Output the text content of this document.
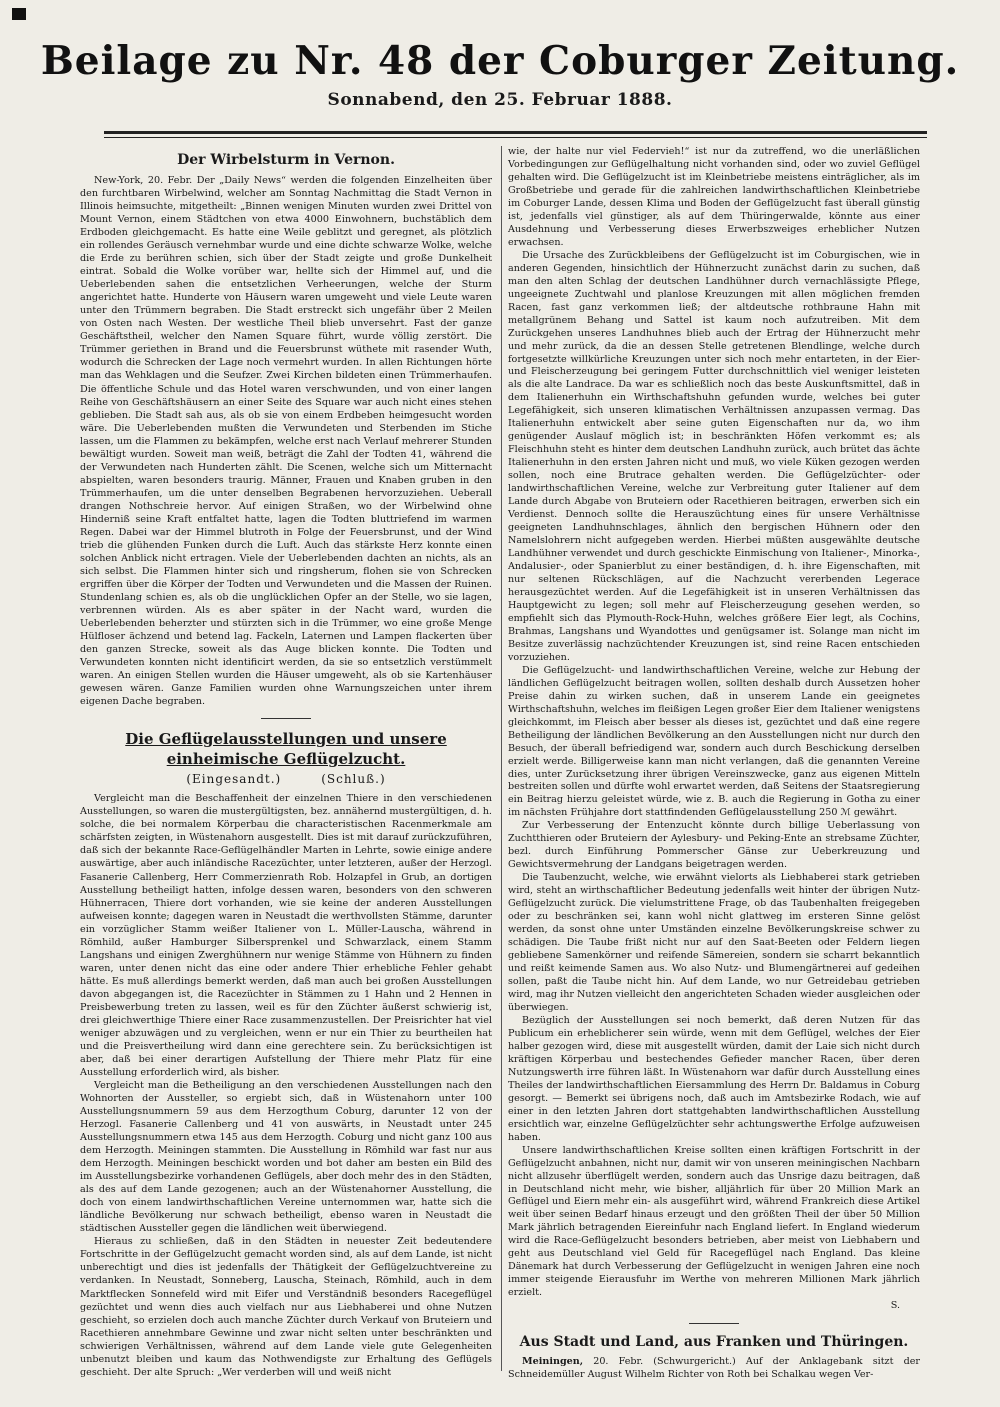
Beilage zu Nr. 48 der Coburger Zeitung.
Sonnabend, den 25. Februar 1888.
Der Wirbelsturm in Vernon.

New-York, 20. Febr. Der „Daily News“ werden die folgenden Einzelheiten über den furchtbaren Wirbelwind, welcher am Sonntag Nachmittag die Stadt Vernon in Illinois heimsuchte, mitgetheilt: „Binnen wenigen Minuten wurden zwei Drittel von Mount Vernon, einem Städtchen von etwa 4000 Einwohnern, buchstäblich dem Erdboden gleichgemacht. Es hatte eine Weile geblitzt und geregnet, als plötzlich ein rollendes Geräusch vernehmbar wurde und eine dichte schwarze Wolke, welche die Erde zu berühren schien, sich über der Stadt zeigte und große Dunkelheit eintrat. Sobald die Wolke vorüber war, hellte sich der Himmel auf, und die Ueberlebenden sahen die entsetzlichen Verheerungen, welche der Sturm angerichtet hatte. Hunderte von Häusern waren umgeweht und viele Leute waren unter den Trümmern begraben. Die Stadt erstreckt sich ungefähr über 2 Meilen von Osten nach Westen. Der westliche Theil blieb unversehrt. Fast der ganze Geschäftstheil, welcher den Namen Square führt, wurde völlig zerstört. Die Trümmer geriethen in Brand und die Feuersbrunst wüthete mit rasender Wuth, wodurch die Schrecken der Lage noch vermehrt wurden. In allen Richtungen hörte man das Wehklagen und die Seufzer. Zwei Kirchen bildeten einen Trümmerhaufen. Die öffentliche Schule und das Hotel waren verschwunden, und von einer langen Reihe von Geschäftshäusern an einer Seite des Square war auch nicht eines stehen geblieben. Die Stadt sah aus, als ob sie von einem Erdbeben heimgesucht worden wäre. Die Ueberlebenden mußten die Verwundeten und Sterbenden im Stiche lassen, um die Flammen zu bekämpfen, welche erst nach Verlauf mehrerer Stunden bewältigt wurden. Soweit man weiß, beträgt die Zahl der Todten 41, während die der Verwundeten nach Hunderten zählt. Die Scenen, welche sich um Mitternacht abspielten, waren besonders traurig. Männer, Frauen und Knaben gruben in den Trümmerhaufen, um die unter denselben Begrabenen hervorzuziehen. Ueberall drangen Nothschreie hervor. Auf einigen Straßen, wo der Wirbelwind ohne Hinderniß seine Kraft entfaltet hatte, lagen die Todten bluttriefend im warmen Regen. Dabei war der Himmel blutroth in Folge der Feuersbrunst, und der Wind trieb die glühenden Funken durch die Luft. Auch das stärkste Herz konnte einen solchen Anblick nicht ertragen. Viele der Ueberlebenden dachten an nichts, als an sich selbst. Die Flammen hinter sich und ringsherum, flohen sie von Schrecken ergriffen über die Körper der Todten und Verwundeten und die Massen der Ruinen. Stundenlang schien es, als ob die unglücklichen Opfer an der Stelle, wo sie lagen, verbrennen würden. Als es aber später in der Nacht ward, wurden die Ueberlebenden beherzter und stürzten sich in die Trümmer, wo eine große Menge Hülfloser ächzend und betend lag. Fackeln, Laternen und Lampen flackerten über den ganzen Strecke, soweit als das Auge blicken konnte. Die Todten und Verwundeten konnten nicht identificirt werden, da sie so entsetzlich verstümmelt waren. An einigen Stellen wurden die Häuser umgeweht, als ob sie Kartenhäuser gewesen wären. Ganze Familien wurden ohne Warnungszeichen unter ihrem eigenen Dache begraben.

Die Geflügelausstellungen und unsere einheimische Geflügelzucht.
(Eingesandt.)	(Schluß.)

Vergleicht man die Beschaffenheit der einzelnen Thiere in den verschiedenen Ausstellungen, so waren die mustergültigsten, bez. annähernd mustergültigen, d. h. solche, die bei normalem Körperbau die characteristischen Racenmerkmale am schärfsten zeigten, in Wüstenahorn ausgestellt. Dies ist mit darauf zurückzuführen, daß sich der bekannte Race-Geflügelhändler Marten in Lehrte, sowie einige andere auswärtige, aber auch inländische Racezüchter, unter letzteren, außer der Herzogl. Fasanerie Callenberg, Herr Commerzienrath Rob. Holzapfel in Grub, an dortigen Ausstellung betheiligt hatten, infolge dessen waren, besonders von den schweren Hühnerracen, Thiere dort vorhanden, wie sie keine der anderen Ausstellungen aufweisen konnte; dagegen waren in Neustadt die werthvollsten Stämme, darunter ein vorzüglicher Stamm weißer Italiener von L. Müller-Lauscha, während in Römhild, außer Hamburger Silbersprenkel und Schwarzlack, einem Stamm Langshans und einigen Zwerghühnern nur wenige Stämme von Hühnern zu finden waren, unter denen nicht das eine oder andere Thier erhebliche Fehler gehabt hätte. Es muß allerdings bemerkt werden, daß man auch bei großen Ausstellungen davon abgegangen ist, die Racezüchter in Stämmen zu 1 Hahn und 2 Hennen in Preisbewerbung treten zu lassen, weil es für den Züchter äußerst schwierig ist, drei gleichwerthige Thiere einer Race zusammenzustellen. Der Preisrichter hat viel weniger abzuwägen und zu vergleichen, wenn er nur ein Thier zu beurtheilen hat und die Preisvertheilung wird dann eine gerechtere sein. Zu berücksichtigen ist aber, daß bei einer derartigen Aufstellung der Thiere mehr Platz für eine Ausstellung erforderlich wird, als bisher.

Vergleicht man die Betheiligung an den verschiedenen Ausstellungen nach den Wohnorten der Aussteller, so ergiebt sich, daß in Wüstenahorn unter 100 Ausstellungsnummern 59 aus dem Herzogthum Coburg, darunter 12 von der Herzogl. Fasanerie Callenberg und 41 von auswärts, in Neustadt unter 245 Ausstellungsnummern etwa 145 aus dem Herzogth. Coburg und nicht ganz 100 aus dem Herzogth. Meiningen stammten. Die Ausstellung in Römhild war fast nur aus dem Herzogth. Meiningen beschickt worden und bot daher am besten ein Bild des im Ausstellungsbezirke vorhandenen Geflügels, aber doch mehr des in den Städten, als des auf dem Lande gezogenen; auch an der Wüstenahorner Ausstellung, die doch von einem landwirthschaftlichen Vereine unternommen war, hatte sich die ländliche Bevölkerung nur schwach betheiligt, ebenso waren in Neustadt die städtischen Aussteller gegen die ländlichen weit überwiegend.

Hieraus zu schließen, daß in den Städten in neuester Zeit bedeutendere Fortschritte in der Geflügelzucht gemacht worden sind, als auf dem Lande, ist nicht unberechtigt und dies ist jedenfalls der Thätigkeit der Geflügelzuchtvereine zu verdanken. In Neustadt, Sonneberg, Lauscha, Steinach, Römhild, auch in dem Marktflecken Sonnefeld wird mit Eifer und Verständniß besonders Racegeflügel gezüchtet und wenn dies auch vielfach nur aus Liebhaberei und ohne Nutzen geschieht, so erzielen doch auch manche Züchter durch Verkauf von Bruteiern und Racethieren annehmbare Gewinne und zwar nicht selten unter beschränkten und schwierigen Verhältnissen, während auf dem Lande viele gute Gelegenheiten unbenutzt bleiben und kaum das Nothwendigste zur Erhaltung des Geflügels geschieht. Der alte Spruch: „Wer verderben will und weiß nicht

wie, der halte nur viel Federvieh!“ ist nur da zutreffend, wo die unerläßlichen Vorbedingungen zur Geflügelhaltung nicht vorhanden sind, oder wo zuviel Geflügel gehalten wird. Die Geflügelzucht ist im Kleinbetriebe meistens einträglicher, als im Großbetriebe und gerade für die zahlreichen landwirthschaftlichen Kleinbetriebe im Coburger Lande, dessen Klima und Boden der Geflügelzucht fast überall günstig ist, jedenfalls viel günstiger, als auf dem Thüringerwalde, könnte aus einer Ausdehnung und Verbesserung dieses Erwerbszweiges erheblicher Nutzen erwachsen.

Die Ursache des Zurückbleibens der Geflügelzucht ist im Coburgischen, wie in anderen Gegenden, hinsichtlich der Hühnerzucht zunächst darin zu suchen, daß man den alten Schlag der deutschen Landhühner durch vernachlässigte Pflege, ungeeignete Zuchtwahl und planlose Kreuzungen mit allen möglichen fremden Racen, fast ganz verkommen ließ; der altdeutsche rothbraune Hahn mit metallgrünem Behang und Sattel ist kaum noch aufzutreiben. Mit dem Zurückgehen unseres Landhuhnes blieb auch der Ertrag der Hühnerzucht mehr und mehr zurück, da die an dessen Stelle getretenen Blendlinge, welche durch fortgesetzte willkürliche Kreuzungen unter sich noch mehr entarteten, in der Eier- und Fleischerzeugung bei geringem Futter durchschnittlich viel weniger leisteten als die alte Landrace. Da war es schließlich noch das beste Auskunftsmittel, daß in dem Italienerhuhn ein Wirthschaftshuhn gefunden wurde, welches bei guter Legefähigkeit, sich unseren klimatischen Verhältnissen anzupassen vermag. Das Italienerhuhn entwickelt aber seine guten Eigenschaften nur da, wo ihm genügender Auslauf möglich ist; in beschränkten Höfen verkommt es; als Fleischhuhn steht es hinter dem deutschen Landhuhn zurück, auch brütet das ächte Italienerhuhn in den ersten Jahren nicht und muß, wo viele Küken gezogen werden sollen, noch eine Brutrace gehalten werden. Die Geflügelzüchter- oder landwirthschaftlichen Vereine, welche zur Verbreitung guter Italiener auf dem Lande durch Abgabe von Bruteiern oder Racethieren beitragen, erwerben sich ein Verdienst. Dennoch sollte die Herauszüchtung eines für unsere Verhältnisse geeigneten Landhuhnschlages, ähnlich den bergischen Hühnern oder den Namelslohrern nicht aufgegeben werden. Hierbei müßten ausgewählte deutsche Landhühner verwendet und durch geschickte Einmischung von Italiener-, Minorka-, Andalusier-, oder Spanierblut zu einer beständigen, d. h. ihre Eigenschaften, mit nur seltenen Rückschlägen, auf die Nachzucht vererbenden Legerace herausgezüchtet werden. Auf die Legefähigkeit ist in unseren Verhältnissen das Hauptgewicht zu legen; soll mehr auf Fleischerzeugung gesehen werden, so empfiehlt sich das Plymouth-Rock-Huhn, welches größere Eier legt, als Cochins, Brahmas, Langshans und Wyandottes und genügsamer ist. Solange man nicht im Besitze zuverlässig nachzüchtender Kreuzungen ist, sind reine Racen entschieden vorzuziehen.

Die Geflügelzucht- und landwirthschaftlichen Vereine, welche zur Hebung der ländlichen Geflügelzucht beitragen wollen, sollten deshalb durch Aussetzen hoher Preise dahin zu wirken suchen, daß in unserem Lande ein geeignetes Wirthschaftshuhn, welches im fleißigen Legen großer Eier dem Italiener wenigstens gleichkommt, im Fleisch aber besser als dieses ist, gezüchtet und daß eine regere Betheiligung der ländlichen Bevölkerung an den Ausstellungen nicht nur durch den Besuch, der überall befriedigend war, sondern auch durch Beschickung derselben erzielt werde. Billigerweise kann man nicht verlangen, daß die genannten Vereine dies, unter Zurücksetzung ihrer übrigen Vereinszwecke, ganz aus eigenen Mitteln bestreiten sollen und dürfte wohl erwartet werden, daß Seitens der Staatsregierung ein Beitrag hierzu geleistet würde, wie z. B. auch die Regierung in Gotha zu einer im nächsten Frühjahre dort stattfindenden Geflügelausstellung 250 ℳ gewährt.

Zur Verbesserung der Entenzucht könnte durch billige Ueberlassung von Zuchtthieren oder Bruteiern der Aylesbury- und Peking-Ente an strebsame Züchter, bezl. durch Einführung Pommerscher Gänse zur Ueberkreuzung und Gewichtsvermehrung der Landgans beigetragen werden.

Die Taubenzucht, welche, wie erwähnt vielorts als Liebhaberei stark getrieben wird, steht an wirthschaftlicher Bedeutung jedenfalls weit hinter der übrigen Nutz-Geflügelzucht zurück. Die vielumstrittene Frage, ob das Taubenhalten freigegeben oder zu beschränken sei, kann wohl nicht glattweg im ersteren Sinne gelöst werden, da sonst ohne unter Umständen einzelne Bevölkerungskreise schwer zu schädigen. Die Taube frißt nicht nur auf den Saat-Beeten oder Feldern liegen gebliebene Samenkörner und reifende Sämereien, sondern sie scharrt bekanntlich und reißt keimende Samen aus. Wo also Nutz- und Blumengärtnerei auf gedeihen sollen, paßt die Taube nicht hin. Auf dem Lande, wo nur Getreidebau getrieben wird, mag ihr Nutzen vielleicht den angerichteten Schaden wieder ausgleichen oder überwiegen.

Bezüglich der Ausstellungen sei noch bemerkt, daß deren Nutzen für das Publicum ein erheblicherer sein würde, wenn mit dem Geflügel, welches der Eier halber gezogen wird, diese mit ausgestellt würden, damit der Laie sich nicht durch kräftigen Körperbau und bestechendes Gefieder mancher Racen, über deren Nutzungswerth irre führen läßt. In Wüstenahorn war dafür durch Ausstellung eines Theiles der landwirthschaftlichen Eiersammlung des Herrn Dr. Baldamus in Coburg gesorgt. — Bemerkt sei übrigens noch, daß auch im Amtsbezirke Rodach, wie auf einer in den letzten Jahren dort stattgehabten landwirthschaftlichen Ausstellung ersichtlich war, einzelne Geflügelzüchter sehr achtungswerthe Erfolge aufzuweisen haben.

Unsere landwirthschaftlichen Kreise sollten einen kräftigen Fortschritt in der Geflügelzucht anbahnen, nicht nur, damit wir von unseren meiningischen Nachbarn nicht allzusehr überflügelt werden, sondern auch das Unsrige dazu beitragen, daß in Deutschland nicht mehr, wie bisher, alljährlich für über 20 Million Mark an Geflügel und Eiern mehr ein- als ausgeführt wird, während Frankreich diese Artikel weit über seinen Bedarf hinaus erzeugt und den größten Theil der über 50 Million Mark jährlich betragenden Eiereinfuhr nach England liefert. In England wiederum wird die Race-Geflügelzucht besonders betrieben, aber meist von Liebhabern und geht aus Deutschland viel Geld für Racegeflügel nach England. Das kleine Dänemark hat durch Verbesserung der Geflügelzucht in wenigen Jahren eine noch immer steigende Eierausfuhr im Werthe von mehreren Millionen Mark jährlich erzielt.

S.
Aus Stadt und Land, aus Franken und Thüringen.

Meiningen, 20. Febr. (Schwurgericht.) Auf der Anklagebank sitzt der Schneidemüller August Wilhelm Richter von Roth bei Schalkau wegen Ver-
